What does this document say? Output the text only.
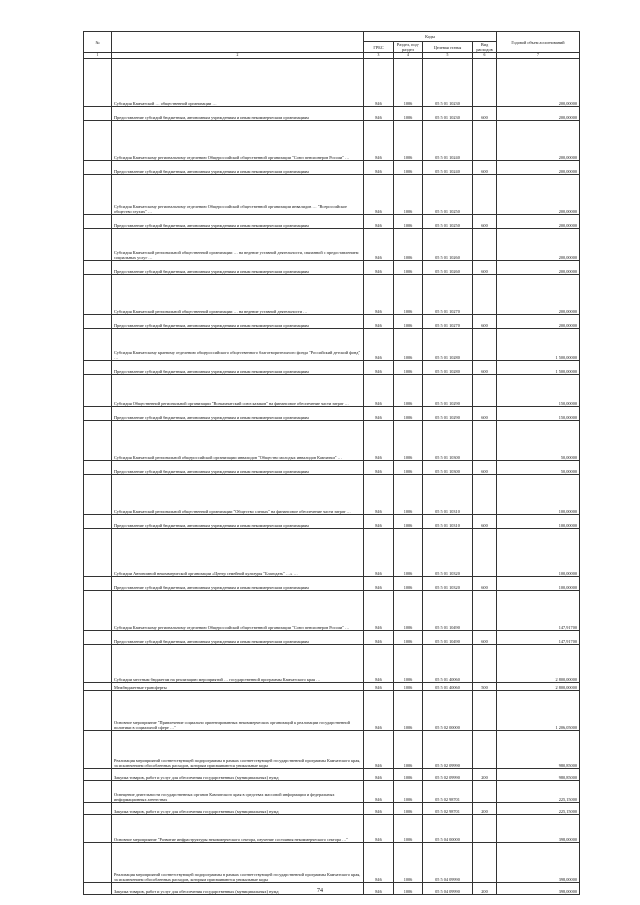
№		Коды				Годовой объем ассигнований
		ГРБС	Раздел, под-раздел	Целевая статья	Вид расходов	
1	2	3	4	5	6	7
	Субсидия Камчатской … общественной организации …	846	1006	05 5 01 10230		200,00000
	Предоставление субсидий бюджетным, автономным учреждениям и иным некоммерческим организациям	846	1006	05 5 01 10230	600	200,00000
	Субсидия Камчатскому региональному отделению Общероссийской общественной организации "Союз пенсионеров России" …	846	1006	05 5 01 10240		200,00000
	Предоставление субсидий бюджетным, автономным учреждениям и иным некоммерческим организациям	846	1006	05 5 01 10240	600	200,00000
	Субсидия Камчатскому региональному отделению Общероссийской общественной организации инвалидов … "Всероссийское общество глухих" …	846	1006	05 5 01 10250		200,00000
	Предоставление субсидий бюджетным, автономным учреждениям и иным некоммерческим организациям	846	1006	05 5 01 10250	600	200,00000
	Субсидия Камчатской региональной общественной организации … на ведение уставной деятельности, связанной с предоставлением социальных услуг …	846	1006	05 5 01 10260		200,00000
	Предоставление субсидий бюджетным, автономным учреждениям и иным некоммерческим организациям	846	1006	05 5 01 10260	600	200,00000
	Субсидия Камчатской региональной общественной организации … на ведение уставной деятельности …	846	1006	05 5 01 10270		200,00000
	Предоставление субсидий бюджетным, автономным учреждениям и иным некоммерческим организациям	846	1006	05 5 01 10270	600	200,00000
	Субсидия Камчатскому краевому отделению общероссийского общественного благотворительного фонда "Российский детский фонд" …	846	1006	05 5 01 10280		1 500,00000
	Предоставление субсидий бюджетным, автономным учреждениям и иным некоммерческим организациям	846	1006	05 5 01 10280	600	1 500,00000
	Субсидия Общественной региональной организации "Всекамчатский союз казаков" на финансовое обеспечение части затрат …	846	1006	05 5 01 10290		150,00000
	Предоставление субсидий бюджетным, автономным учреждениям и иным некоммерческим организациям	846	1006	05 5 01 10290	600	150,00000
	Субсидия Камчатской региональной общероссийской организации инвалидов "Общество молодых инвалидов Камчатки" …	846	1006	05 5 01 10300		50,00000
	Предоставление субсидий бюджетным, автономным учреждениям и иным некоммерческим организациям	846	1006	05 5 01 10300	600	50,00000
	Субсидия Камчатской региональной общественной организации "Общество слепых" на финансовое обеспечение части затрат …	846	1006	05 5 01 10310		100,00000
	Предоставление субсидий бюджетным, автономным учреждениям и иным некоммерческим организациям	846	1006	05 5 01 10310	600	100,00000
	Субсидии Автономной некоммерческой организации «Центр семейной культуры "Благодать" …» …	846	1006	05 5 01 10320		100,00000
	Предоставление субсидий бюджетным, автономным учреждениям и иным некоммерческим организациям	846	1006	05 5 01 10320	600	100,00000
	Субсидия Камчатскому региональному отделению Общероссийской общественной организации "Союз пенсионеров России" …	846	1006	05 5 01 10490		147,91700
	Предоставление субсидий бюджетным, автономным учреждениям и иным некоммерческим организациям	846	1006	05 5 01 10490	600	147,91700
	Субсидии местным бюджетам на реализацию мероприятий … государственной программы Камчатского края …	846	1006	05 5 01 40060		2 800,00000
	Межбюджетные трансферты	846	1006	05 5 01 40060	500	2 800,00000
	Основное мероприятие "Привлечение социально ориентированных некоммерческих организаций к реализации государственной политики в социальной сфере …"	846	1006	05 5 02 00000		1 206,05000
	Реализация мероприятий соответствующей подпрограммы в рамках соответствующей государственной программы Камчатского края, за исключением обособленных расходов, которым присваиваются уникальные коды	846	1006	05 5 02 09990		980,85000
	Закупка товаров, работ и услуг для обеспечения государственных (муниципальных) нужд	846	1006	05 5 02 09990	200	980,85000
	Освещение деятельности государственных органов Камчатского края в средствах массовой информации и федеральных информационных агентствах	846	1006	05 5 02 98701		225,15000
	Закупка товаров, работ и услуг для обеспечения государственных (муниципальных) нужд	846	1006	05 5 02 98701	200	225,15000
	Основное мероприятие "Развитие инфраструктуры некоммерческого сектора, изучение состояния некоммерческого сектора …"	846	1006	05 5 04 00000		398,00000
	Реализация мероприятий соответствующей подпрограммы в рамках соответствующей государственной программы Камчатского края, за исключением обособленных расходов, которым присваиваются уникальные коды	846	1006	05 5 04 09990		398,00000
	Закупка товаров, работ и услуг для обеспечения государственных (муниципальных) нужд	846	1006	05 5 04 09990	200	398,00000
74
